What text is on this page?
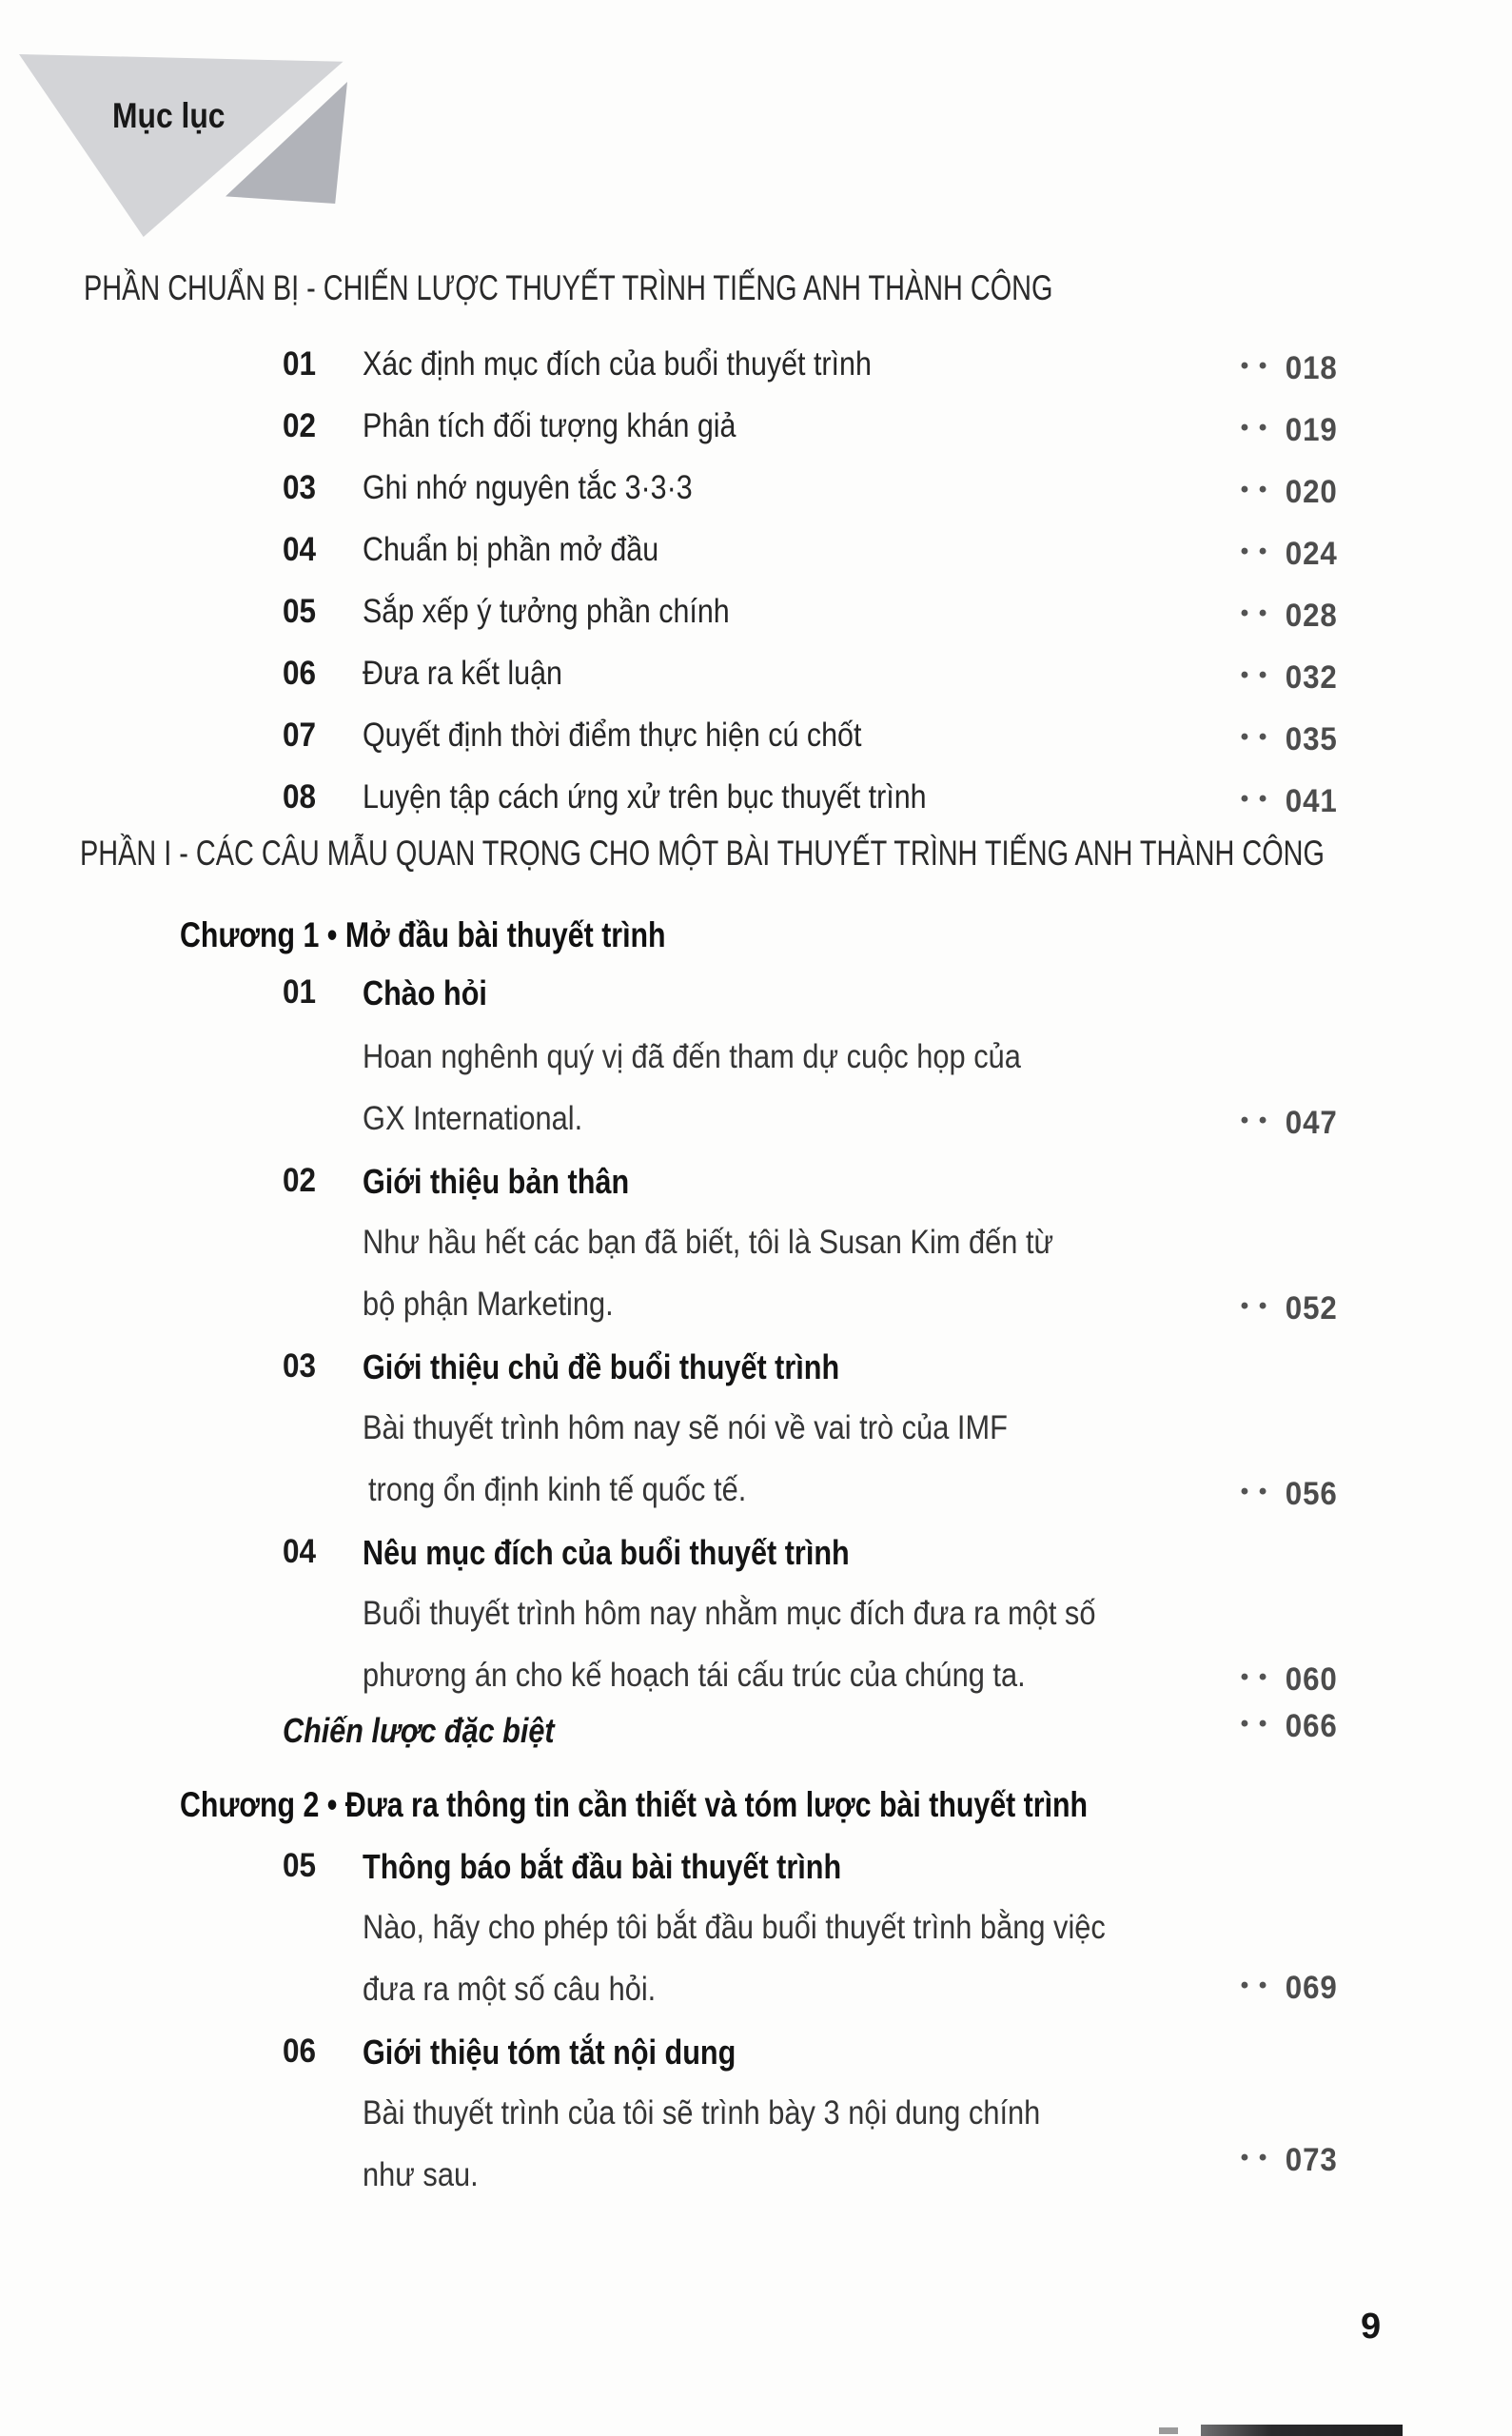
Mục lục
PHẦN CHUẨN BỊ - CHIẾN LƯỢC THUYẾT TRÌNH TIẾNG ANH THÀNH CÔNG
01 Xác định mục đích của buổi thuyết trình	• • 018
02 Phân tích đối tượng khán giả	• • 019
03 Ghi nhớ nguyên tắc 3·3·3	• • 020
04 Chuẩn bị phần mở đầu	• • 024
05 Sắp xếp ý tưởng phần chính	• • 028
06 Đưa ra kết luận	• • 032
07 Quyết định thời điểm thực hiện cú chốt	• • 035
08 Luyện tập cách ứng xử trên bục thuyết trình	• • 041
PHẦN I - CÁC CÂU MẪU QUAN TRỌNG CHO MỘT BÀI THUYẾT TRÌNH TIẾNG ANH THÀNH CÔNG
Chương 1 • Mở đầu bài thuyết trình
01 Chào hỏi
Hoan nghênh quý vị đã đến tham dự cuộc họp của
GX International.	• • 047
02 Giới thiệu bản thân
Như hầu hết các bạn đã biết, tôi là Susan Kim đến từ
bộ phận Marketing.	• • 052
03 Giới thiệu chủ đề buổi thuyết trình
Bài thuyết trình hôm nay sẽ nói về vai trò của IMF
trong ổn định kinh tế quốc tế.	• • 056
04 Nêu mục đích của buổi thuyết trình
Buổi thuyết trình hôm nay nhằm mục đích đưa ra một số
phương án cho kế hoạch tái cấu trúc của chúng ta.	• • 060
Chiến lược đặc biệt	• • 066
Chương 2 • Đưa ra thông tin cần thiết và tóm lược bài thuyết trình
05 Thông báo bắt đầu bài thuyết trình
Nào, hãy cho phép tôi bắt đầu buổi thuyết trình bằng việc
đưa ra một số câu hỏi.	• • 069
06 Giới thiệu tóm tắt nội dung
Bài thuyết trình của tôi sẽ trình bày 3 nội dung chính
như sau.	• • 073
9
